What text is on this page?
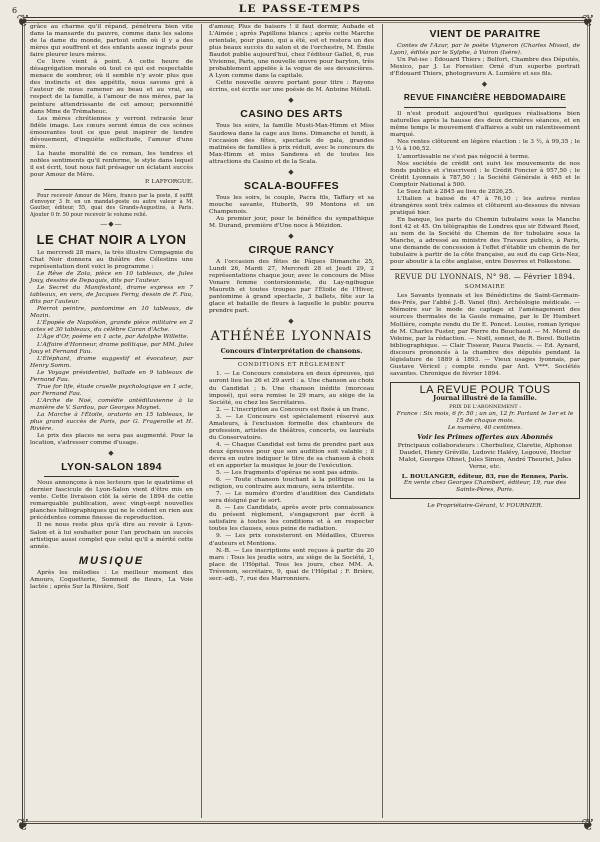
LE PASSE-TEMPS
6
❦	❦
❦	❦

grâce au charme qu'il répand, pénétrera bien vite dans la mansarde du pauvre, comme dans les salons de la dame du monde, partout enfin où il y a des mères qui souffrent et des enfants assez ingrats pour faire pleurer leurs mères.

Ce livre vient à point. A cette heure de désagrégation morale où tout ce qui est respectable menace de sombrer, où il semble n'y avoir plus que des instincts et des appétits, nous savons gré à l'auteur de nous ramener au beau et au vrai, au respect de la famille, à l'amour de nos mères, par la peinture attendrissante de cet amour, personnifié dans Mme de Trémaheuc.

Les mères chrétiennes y verront retracée leur fidèle image. Les cœurs seront émus de ces scènes émouvantes tout ce que peut inspirer de tendre dévouement, d'inquiète sollicitude, l'amour d'une mère.

La haute moralité de ce roman, les tendres et nobles sentiments qu'il renferme, le style dans lequel il est écrit, tout nous fait présager un éclatant succès pour Amour de Mère.

P. LAFFORGUE.

Pour recevoir Amour de Mère, franco par la poste, il suffit d'envoyer 3 fr. en un mandat-poste ou autre valeur à M. Gautier, éditeur, 55, quai des Grands-Augustins, à Paris. Ajouter 0 fr. 50 pour recevoir le volume relié.

—◆—
LE CHAT NOIR A LYON

Le mercredi 28 mars, la très illustre Compagnie du Chat Noir donnera au théâtre des Célestins une représentation dont voici le programme :

Le Rêve de Zola, pièce en 10 tableaux, de Jules Jouy, dessins de Depaquis, dits par l'auteur.

Le Secret du Manifestant, drame express en 7 tableaux, en vers, de Jacques Ferny, dessin de F. Fau, dits par l'auteur.

Pierrot peintre, pantomime en 10 tableaux, de Mozin.

L'Épopée de Napoléon, grande pièce militaire en 2 actes et 30 tableaux, du célèbre Caran d'Ache.

L'Âge d'Or, poème en 1 acte, par Adolphe Willette.

L'Affaire d'Honneur, drame politique, par MM. Jules Jouy et Fernand Fau.

L'Éléphant, drame suggestif et évocateur, par Henry Somm.

Le Voyage présidentiel, ballade en 9 tableaux de Fernand Fau.

True for life, étude cruelle psychologique en 1 acte, par Fernand Fau.

L'Arche de Noé, comédie antédiluvienne à la manière de V. Sardou, par Georges Moynet.

La Marche à l'Étoile, oratorio en 15 tableaux, le plus grand succès de Paris, par G. Fragerolle et H. Rivière.

Le prix des places ne sera pas augmenté. Pour la location, s'adresser comme d'usage.

◆
LYON-SALON 1894

Nous annonçons à nos lecteurs que le quatrième et dernier fascicule de Lyon-Salon vient d'être mis en vente. Cette livraison clôt la série de 1894 de cette remarquable publication, avec vingt-sept nouvelles planches héliographiques qui ne le cèdent en rien aux précédentes comme finesse de reproduction.

Il ne nous reste plus qu'à dire au revoir à Lyon-Salon et à lui souhaiter pour l'an prochain un succès artistique aussi complet que celui qu'il a mérité cette année.

MUSIQUE

Après les mélodies : Le meilleur moment des Amours, Coquetterie, Sommeil de fleurs, La Voie lactée ; après Sur la Rivière, Soif

d'amour, Plus de baisers ! il faut dormir, Aubade et L'Aimée ; après Papillons blancs ; après cette Marche orientale, pour piano, qui a été, est et restera un des plus beaux succès du salon et de l'orchestre, M. Émile Baudot publie aujourd'hui, chez l'éditeur Gallet, 6, rue Vivienne, Paris, une nouvelle œuvre pour baryton, très probablement appelée à la vogue de ses devancières. A Lyon comme dans la capitale.

Cette nouvelle œuvre portant pour titre : Rayons écrins, est écrite sur une poésie de M. Antoine Métell.

◆
CASINO DES ARTS

Tous les soirs, la famille Musti-Max-Himm et Miss Saudowa dans la cage aux lions. Dimanche et lundi, à l'occasion des fêtes, spectacle de gala, grandes matinées de familles à prix réduit, avec le concours de Max-Himm et miss Sandowa et de toutes les attractions du Casino et de la Scala.

◆
SCALA-BOUFFES

Tous les soirs, le couple, Pacra fils, Taffary et sa mouche savante, Huberth, 99 Montons et un Champenois.

Au premier jour, pour le bénéfice du sympathique M. Durand, première d'Une noce à Mézidon.

◆
CIRQUE RANCY

A l'occasion des fêtes de Pâques Dimanche 25, Lundi 26, Mardi 27, Mercredi 28 et Jeudi 29, 2 représentations chaque jour, avec le concours de Miss Vonare femme contorsionniste, du Lay-ngibugue Maureth et toutes troupes par l'Étoile de l'Hiver, pantomime à grand spectacle, 3 ballets, fête sur la glace et bataille de fleurs à laquelle le public pourra prendre part.

◆
ATHÉNÉE LYONNAIS
Concours d'interprétation de chansons.
CONDITIONS ET RÈGLEMENT

1. — Le Concours consistera en deux épreuves, qui auront lieu les 26 et 29 avril : a. Une chanson au choix du Candidat ; b. Une chanson inédite (morceau imposé), qui sera remise le 29 mars, au siège de la Société, ou chez les Secrétaires.

2. — L'inscription au Concours est fixée à un franc.

3. — Le Concours est spécialement réservé aux Amateurs, à l'exclusion formelle des chanteurs de profession, artistes de théâtres, concerts, ou lauréats du Conservatoire.

4. — Chaque Candidat est tenu de prendre part aux deux épreuves pour que son audition soit valable ; il devra en outre indiquer le titre de sa chanson à choix et en apporter la musique le jour de l'exécution.

5. — Les fragments d'opéras ne sont pas admis.

6. — Toute chanson touchant à la politique ou la religion, ou contraire aux mœurs, sera interdite.

7. — Le numéro d'ordre d'audition des Candidats sera désigné par le sort.

8. — Les Candidats, après avoir pris connaissance du présent règlement, s'engageront par écrit à satisfaire à toutes les conditions et à en respecter toutes les clauses, sous peine de radiation.

9. — Les prix consisteront en Médailles, Œuvres d'auteurs et Mentions.

N.-B. — Les inscriptions sont reçues à partir du 20 mars : Tous les jeudis soirs, au siège de la Société, 1, place de l'Hôpital. Tous les jours, chez MM. A. Trévenon, secrétaire, 9, quai de l'Hôpital ; F. Brière, secr.-adj., 7, rue des Marronniers.

VIENT DE PARAITRE

Contes de l'Azur, par le poète Vigneron (Charles Missol, de Lyon), édités par le Sylphe, à Voiron (Isère).

Un Pat-ise : Édouard Thiers ; Belfort, Chambre des Députés, Mexico, par J. Le Forestier. Orné d'un superbe portrait d'Édouard Thiers, photogravure A. Lumière et ses fils.

◆
REVUE FINANCIÈRE HEBDOMADAIRE

Il n'est produit aujourd'hui quelques réalisations bien naturelles après la hausse des deux dernières séances, et en même temps le mouvement d'affaires a subi un ralentissement marqué.

Nos rentes clôturent en légère réaction : le 3 ½, à 99,35 ; le 3 ½ à 106,52.

L'amortissable ne s'est pas négocié à terme.

Nos sociétés de crédit ont suivi les mouvements de nos fonds publics et s'inscrivent : le Crédit Foncier à 957,50 ; le Crédit Lyonnais à 787,50 ; la Société Générale à 465 et le Comptoir National à 500.

Le Suez fait à 2845 au lieu de 2826,25.

L'Italien a baissé de 47 à 76,10 ; les autres rentes étrangères sont très calmes et clôturent au-dessous du niveau pratiqué hier.

En banque, les parts du Chemin tubulaire sous la Manche font 42 et 45. On télégraphie de Londres que sir Edward Reed, au nom de la Société du Chemin de fer tubulaire sous la Manche, a adressé au ministre des Travaux publics, à Paris, une demande de concession à l'effet d'établir un chemin de fer tubulaire à partir de la côte française, au sud du cap Gris-Nez, pour aboutir à la côte anglaise, entre Douvres et Folkestone.

REVUE DU LYONNAIS, N° 98. — Février 1894.
SOMMAIRE

Les Savants lyonnais et les Bénédictins de Saint-Germain-des-Prés, par l'abbé J.-B. Vanel (fin). Archéologie médicale. — Mémoire sur le mode de captage et l'aménagement des sources thermales de la Gaule romaine, par le Dr Humbert Mollière, compte rendu du Dr E. Poncet. Louise, roman lyrique de M. Charles Fuster, par Pierre du Bouchaud. — M. Morel de Voleine, par la rédaction. — Noël, sonnet, de R. Borel. Bulletin bibliographique. — Clair Tisseur, Pauca Paucis. — Ed. Aynard, discours prononcés à la chambre des députés pendant la législature de 1889 à 1893. — Vieux usages lyonnais, par Gustave Véricel ; compte rendu par Ant. V***. Sociétés savantes. Chronique de février 1894.

LA REVUE POUR TOUS
Journal illustré de la famille.
PRIX DE L'ABONNEMENT :
France : Six mois, 6 fr. 50 ; un an, 12 fr. Partant le 1er et le 15 de chaque mois.
Le numéro, 40 centimes.
Voir les Primes offertes aux Abonnés
Principaux collaborateurs : Cherbuliez, Claretie, Alphonse Daudet, Henry Gréville, Ludovic Halévy, Legouvé, Hector Malot, Georges Ohnet, Jules Simon, André Theuriet, Jules Verne, etc.
L. BOULANGER, éditeur, 83, rue de Rennes, Paris.
En vente chez Georges Chambert, éditeur, 19, rue des Saints-Pères, Paris.
Le Propriétaire-Gérant, V. FOURNIER.
